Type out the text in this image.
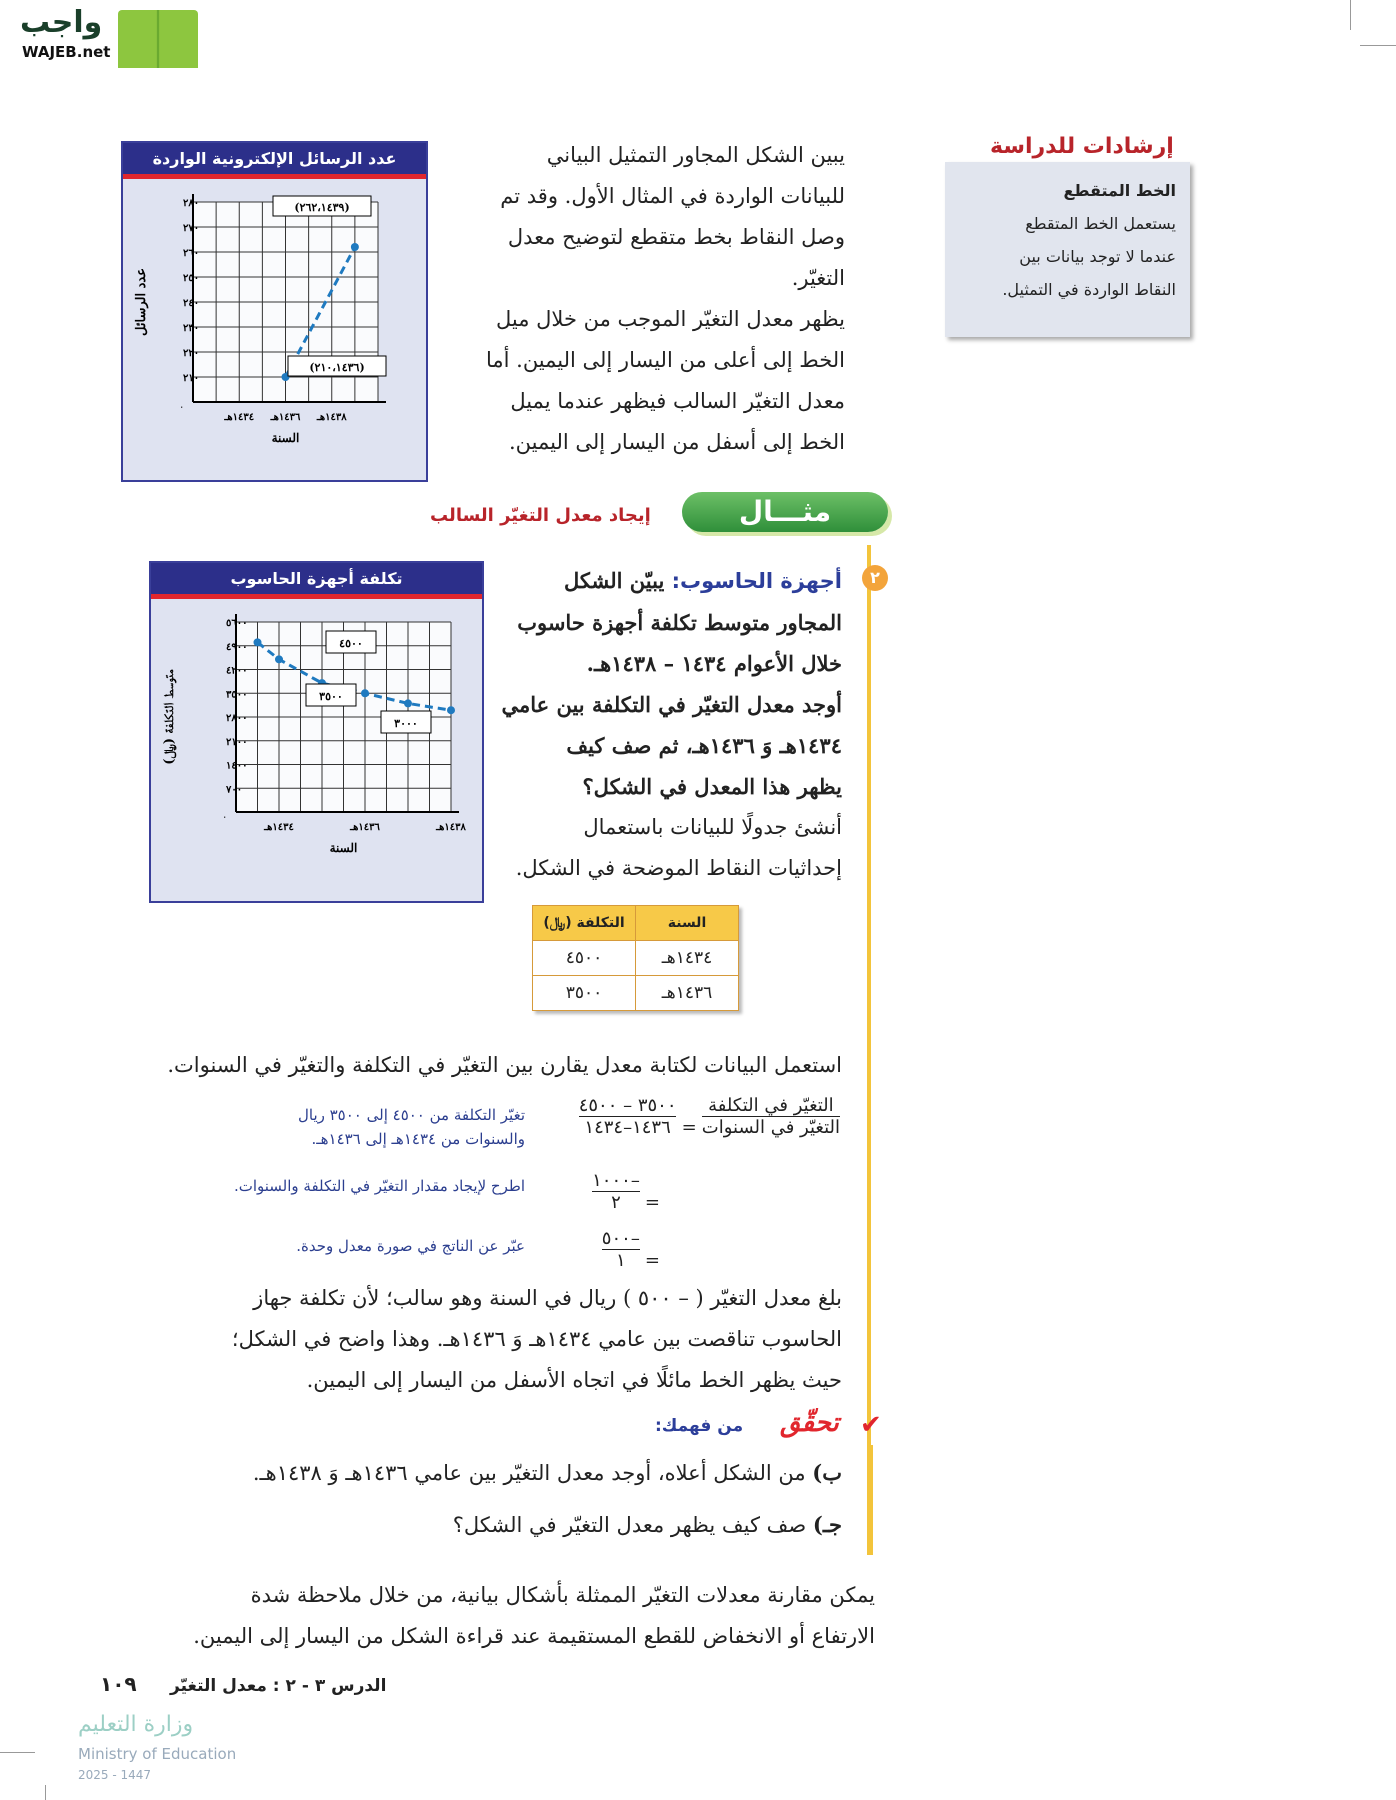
واجب
WAJEB.net
إرشادات للدراسة
الخط المتقطع
يستعمل الخط المتقطع
عندما لا توجد بيانات بين
النقاط الواردة في التمثيل.
يبين الشكل المجاور التمثيل البياني
للبيانات الواردة في المثال الأول. وقد تم
وصل النقاط بخط متقطع لتوضيح معدل
التغيّر.
يظهر معدل التغيّر الموجب من خلال ميل
الخط إلى أعلى من اليسار إلى اليمين. أما
معدل التغيّر السالب فيظهر عندما يميل
الخط إلى أسفل من اليسار إلى اليمين.
عدد الرسائل الإلكترونية الواردة
٢١٠
٢٢٠
٢٣٠
٢٤٠
٢٥٠
٢٦٠
٢٧٠
٢٨٠
٠
١٤٣٤هـ ١٤٣٦هـ ١٤٣٨هـ
السنة
عدد الرسائل
(٢٦٢،١٤٣٩)
(٢١٠،١٤٣٦)
مثـــال
إيجاد معدل التغيّر السالب
تكلفة أجهزة الحاسوب
٧٠٠
١٤٠٠
٢١٠٠
٢٨٠٠
٣٥٠٠
٤٢٠٠
٤٩٠٠
٥٦٠٠
٠
١٤٣٤هـ	١٤٣٦هـ	١٤٣٨هـ
السنة
متوسط التكلفة (﷼)
٤٥٠٠
٣٥٠٠
٣٠٠٠
٢
أجهزة الحاسوب: يبيّن الشكل
المجاور متوسط تكلفة أجهزة حاسوب
خلال الأعوام ١٤٣٤ – ١٤٣٨هـ.
أوجد معدل التغيّر في التكلفة بين عامي
١٤٣٤هـ وَ ١٤٣٦هـ، ثم صف كيف
يظهر هذا المعدل في الشكل؟
أنشئ جدولًا للبيانات باستعمال
إحداثيات النقاط الموضحة في الشكل.
السنة	التكلفة (﷼)
١٤٣٤هـ	٤٥٠٠
١٤٣٦هـ	٣٥٠٠
استعمل البيانات لكتابة معدل يقارن بين التغيّر في التكلفة والتغيّر في السنوات.
$\frac{\text{التغيّر في التكلفة}}{\text{التغيّر في السنوات}}$
=
$\frac{٣٥٠٠ - ٤٥٠٠}{١٤٣٦-١٤٣٤}$
تغيّر التكلفة من ٤٥٠٠ إلى ٣٥٠٠ ريال
والسنوات من ١٤٣٤هـ إلى ١٤٣٦هـ.
=
$\frac{-١٠٠٠}{٢}$
اطرح لإيجاد مقدار التغيّر في التكلفة والسنوات.
=
$\frac{-٥٠٠}{١}$
عبّر عن الناتج في صورة معدل وحدة.
بلغ معدل التغيّر ( – ٥٠٠ ) ريال في السنة وهو سالب؛ لأن تكلفة جهاز
الحاسوب تناقصت بين عامي ١٤٣٤هـ وَ ١٤٣٦هـ. وهذا واضح في الشكل؛
حيث يظهر الخط مائلًا في اتجاه الأسفل من اليسار إلى اليمين.
✔
تحقّق
من فهمك:
ب) من الشكل أعلاه، أوجد معدل التغيّر بين عامي ١٤٣٦هـ وَ ١٤٣٨هـ.
جـ) صف كيف يظهر معدل التغيّر في الشكل؟
يمكن مقارنة معدلات التغيّر الممثلة بأشكال بيانية، من خلال ملاحظة شدة
الارتفاع أو الانخفاض للقطع المستقيمة عند قراءة الشكل من اليسار إلى اليمين.
الدرس ٣ - ٢ : معدل التغيّر
١٠٩
وزارة التعليم
Ministry of Education
2025 - 1447
